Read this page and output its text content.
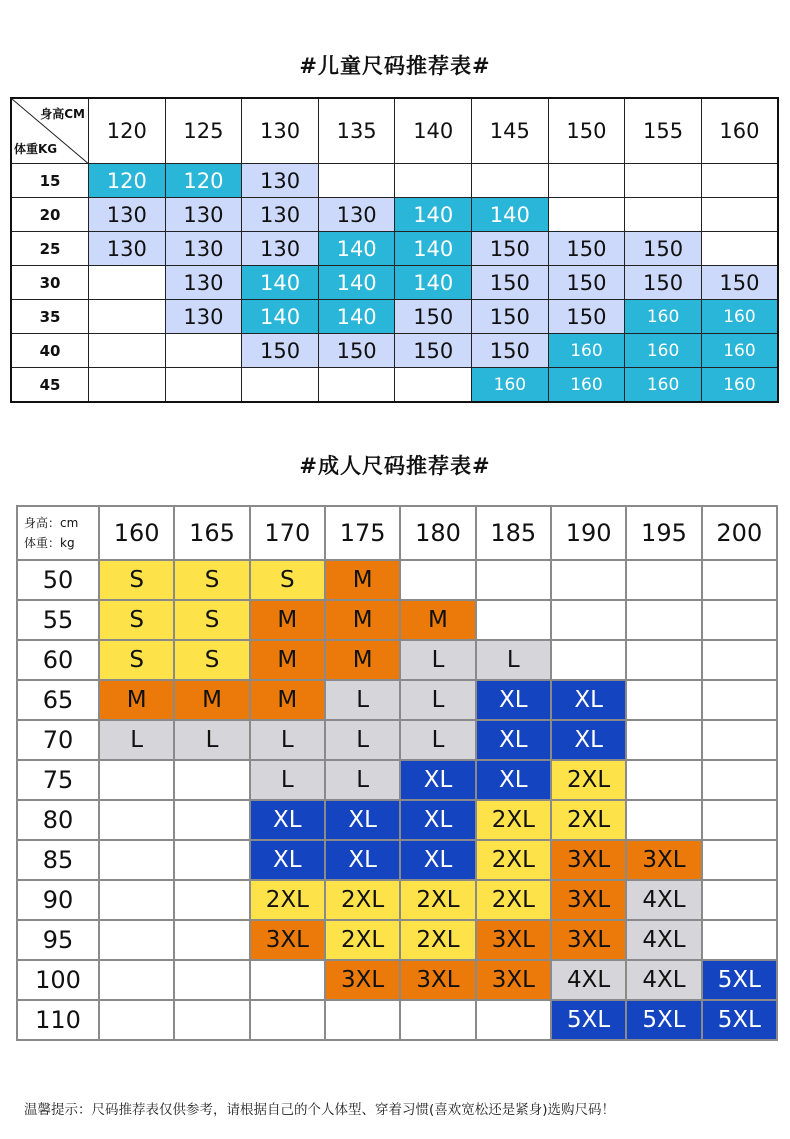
#儿童尺码推荐表#
身高CM
体重KG	120	125	130	135	140	145	150	155	160
15	120	120	130						
20	130	130	130	130	140	140			
25	130	130	130	140	140	150	150	150	
30		130	140	140	140	150	150	150	150
35		130	140	140	150	150	150	160	160
40			150	150	150	150	160	160	160
45						160	160	160	160
#成人尺码推荐表#
身高：cm
体重：kg	160	165	170	175	180	185	190	195	200
50	S	S	S	M					
55	S	S	M	M	M				
60	S	S	M	M	L	L			
65	M	M	M	L	L	XL	XL		
70	L	L	L	L	L	XL	XL		
75			L	L	XL	XL	2XL		
80			XL	XL	XL	2XL	2XL		
85			XL	XL	XL	2XL	3XL	3XL	
90			2XL	2XL	2XL	2XL	3XL	4XL	
95			3XL	2XL	2XL	3XL	3XL	4XL	
100				3XL	3XL	3XL	4XL	4XL	5XL
110							5XL	5XL	5XL
温馨提示：尺码推荐表仅供参考，请根据自己的个人体型、穿着习惯(喜欢宽松还是紧身)选购尺码！
